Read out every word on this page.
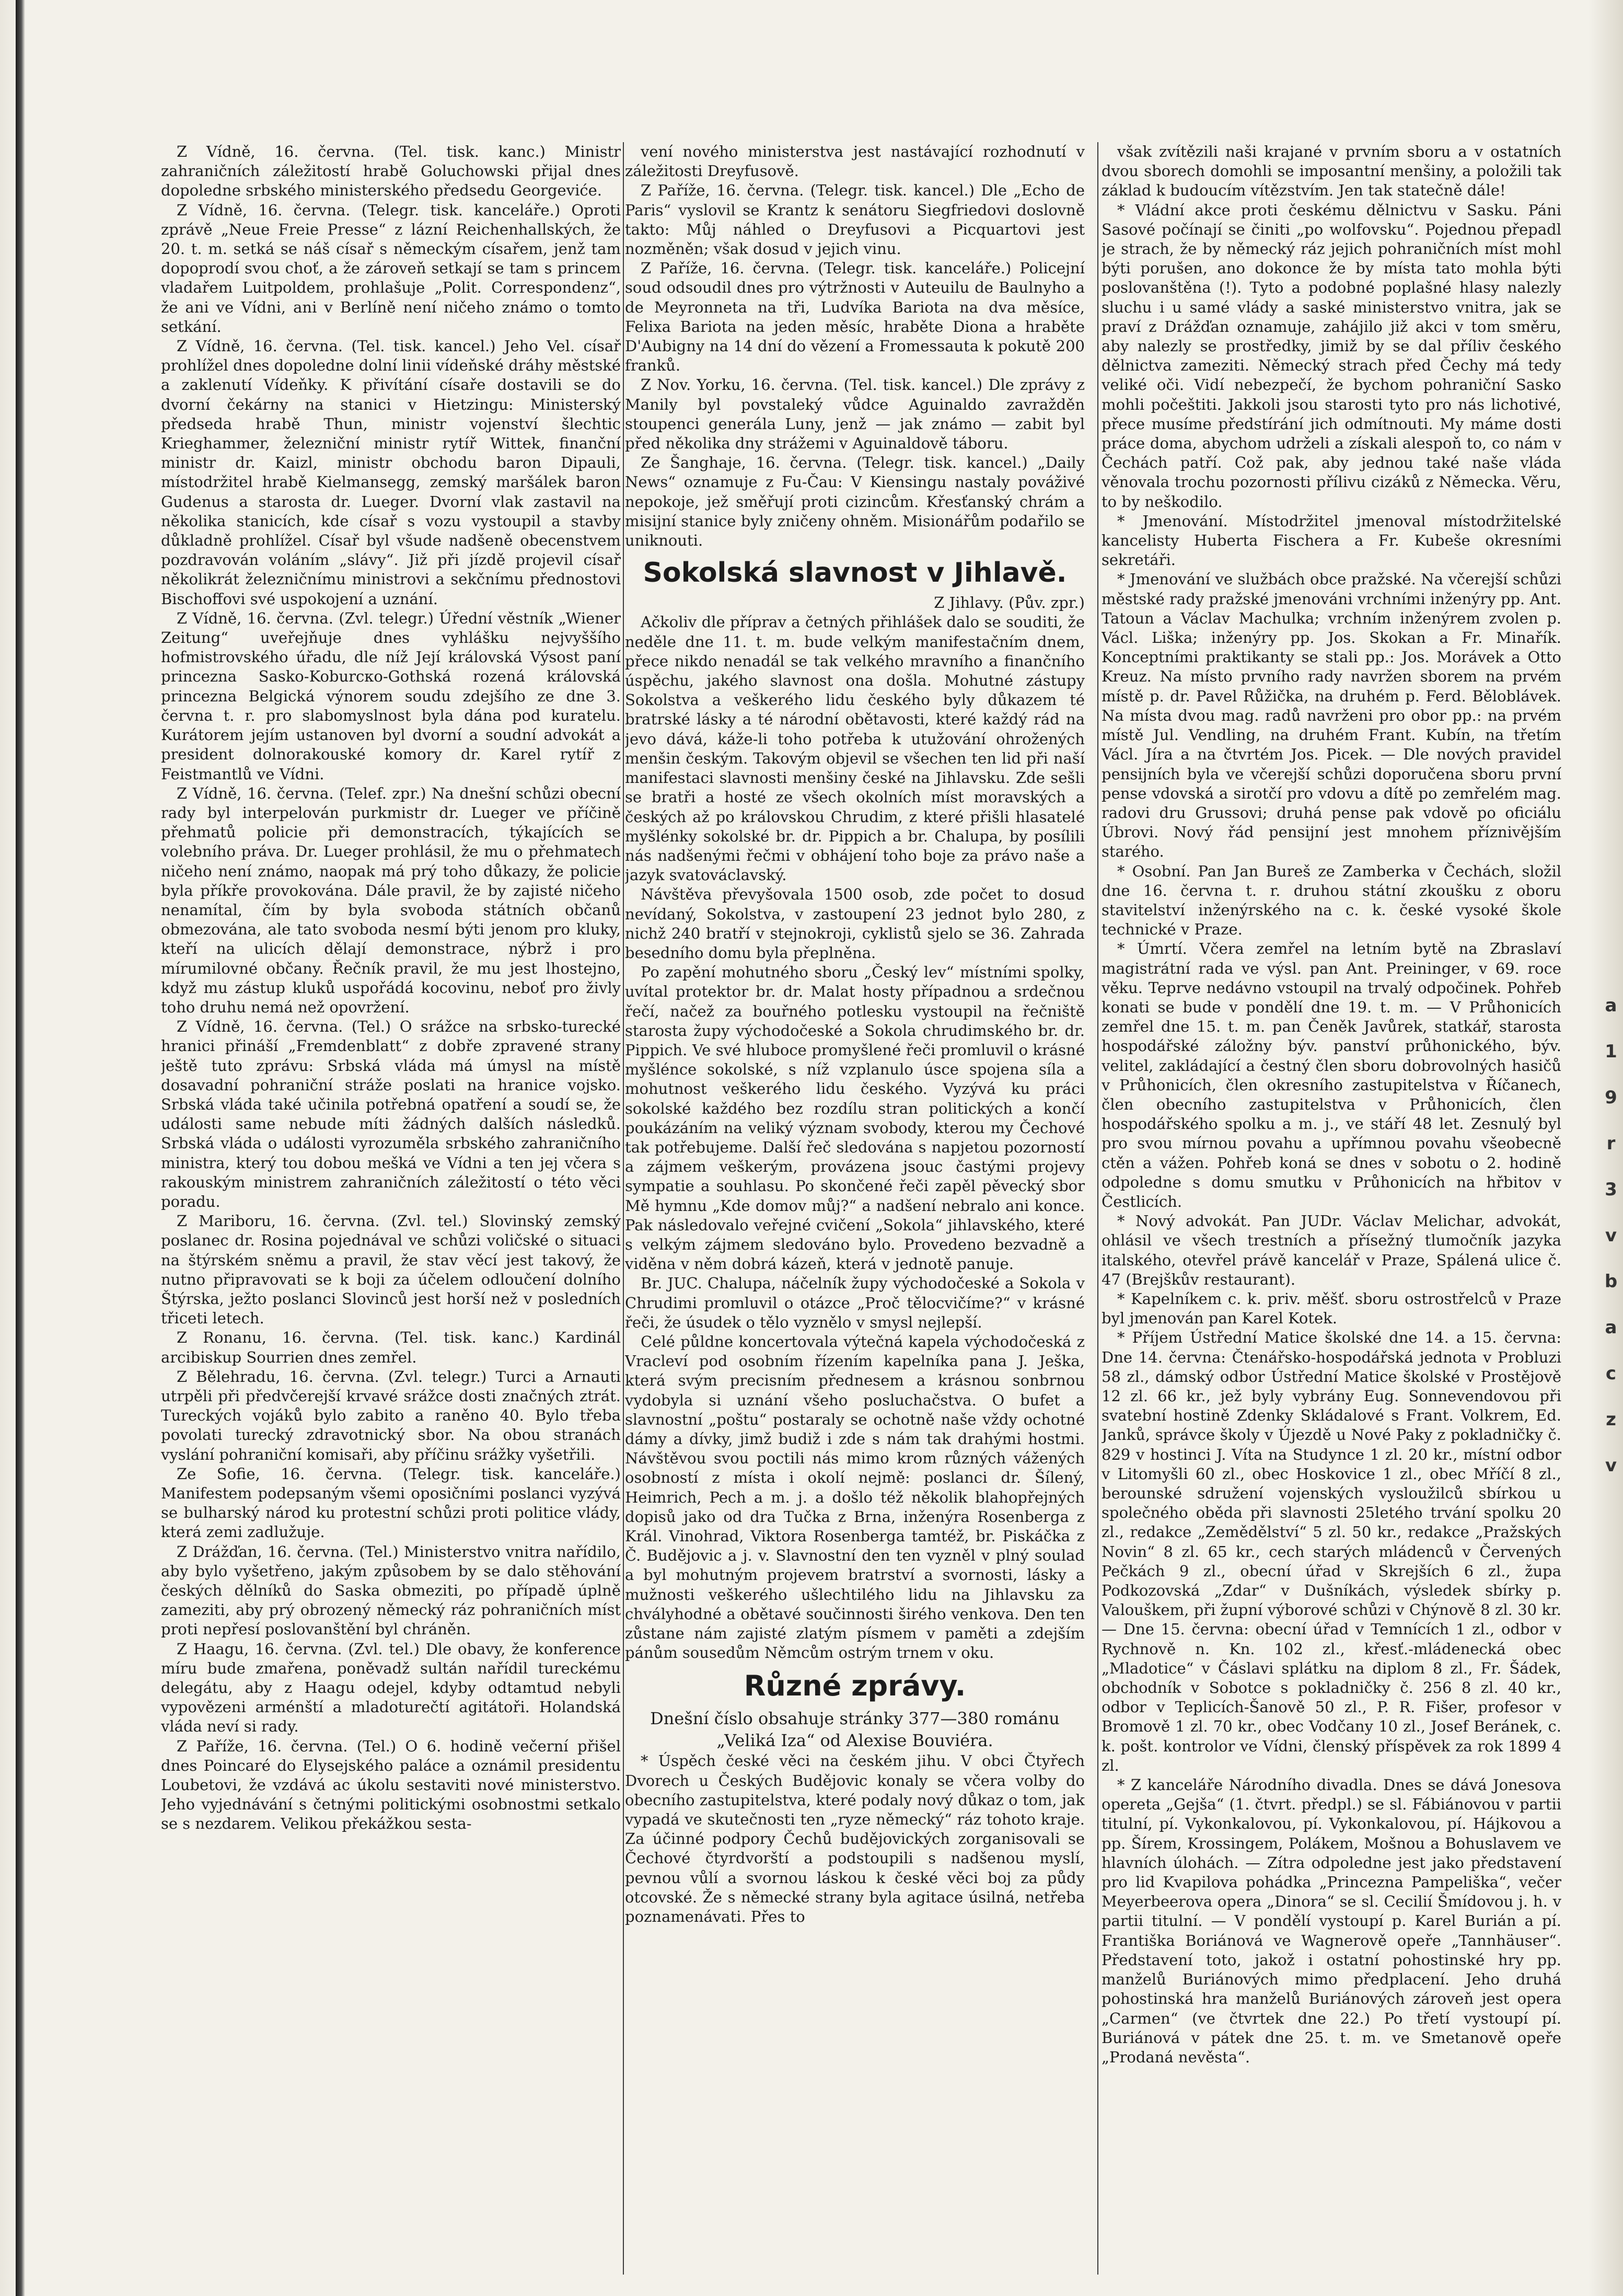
Z Vídně, 16. června. (Tel. tisk. kanc.) Ministr zahraničních záležitostí hrabě Goluchowski přijal dnes dopoledne srbského ministerského předsedu Georgeviće.

Z Vídně, 16. června. (Telegr. tisk. kanceláře.) Oproti zprávě „Neue Freie Presse“ z lázní Reichenhallských, že 20. t. m. setká se náš císař s německým císařem, jenž tam dopoprodí svou choť, a že zároveň setkají se tam s princem vladařem Luitpoldem, prohlašuje „Polit. Correspondenz“, že ani ve Vídni, ani v Berlíně není ničeho známo o tomto setkání.

Z Vídně, 16. června. (Tel. tisk. kancel.) Jeho Vel. císař prohlížel dnes dopoledne dolní linii vídeňské dráhy městské a zaklenutí Vídeňky. K přivítání císaře dostavili se do dvorní čekárny na stanici v Hietzingu: Ministerský předseda hrabě Thun, ministr vojenství šlechtic Krieghammer, železniční ministr rytíř Wittek, finanční ministr dr. Kaizl, ministr obchodu baron Dipauli, místodržitel hrabě Kielmansegg, zemský maršálek baron Gudenus a starosta dr. Lueger. Dvorní vlak zastavil na několika stanicích, kde císař s vozu vystoupil a stavby důkladně prohlížel. Císař byl všude nadšeně obecenstvem pozdravován voláním „slávy“. Již při jízdě projevil císař několikrát železničnímu ministrovi a sekčnímu přednostovi Bischoffovi své uspokojení a uznání.

Z Vídně, 16. června. (Zvl. telegr.) Úřední věstník „Wiener Zeitung“ uveřejňuje dnes vyhlášku nejvyššího hofmistrovského úřadu, dle níž Její královská Výsost paní princezna Sasko-Koburско-Gothská rozená královská princezna Belgická výnorem soudu zdejšího ze dne 3. června t. r. pro slabomyslnost byla dána pod kuratelu. Kurátorem jejím ustanoven byl dvorní a soudní advokát a president dolnorakouské komory dr. Karel rytíř z Feistmantlů ve Vídni.

Z Vídně, 16. června. (Telef. zpr.) Na dnešní schůzi obecní rady byl interpelován purkmistr dr. Lueger ve příčině přehmatů policie při demonstracích, týkajících se volebního práva. Dr. Lueger prohlásil, že mu o přehmatech ničeho není známo, naopak má prý toho důkazy, že policie byla příkře provokována. Dále pravil, že by zajisté ničeho nenamítal, čím by byla svoboda státních občanů obmezována, ale tato svoboda nesmí býti jenom pro kluky, kteří na ulicích dělají demonstrace, nýbrž i pro mírumilovné občany. Řečník pravil, že mu jest lhostejno, když mu zástup kluků uspořádá kocovinu, neboť pro živly toho druhu nemá než opovržení.

Z Vídně, 16. června. (Tel.) O srážce na srbsko-turecké hranici přináší „Fremdenblatt“ z dobře zpravené strany ještě tuto zprávu: Srbská vláda má úmysl na místě dosavadní pohraniční stráže poslati na hranice vojsko. Srbská vláda také učinila potřebná opatření a soudí se, že události same nebude míti žádných dalších následků. Srbská vláda o události vyrozuměla srbského zahraničního ministra, který tou dobou mešká ve Vídni a ten jej včera s rakouským ministrem zahraničních záležitostí o této věci poradu.

Z Mariboru, 16. června. (Zvl. tel.) Slovinský zemský poslanec dr. Rosina pojednával ve schůzi voličské o situaci na štýrském sněmu a pravil, že stav věcí jest takový, že nutno připravovati se k boji za účelem odloučení dolního Štýrska, ježto poslanci Slovinců jest horší než v posledních třiceti letech.

Z Ronanu, 16. června. (Tel. tisk. kanc.) Kardinál arcibiskup Sourrien dnes zemřel.

Z Bělehradu, 16. června. (Zvl. telegr.) Turci a Arnauti utrpěli při předvčerejší krvavé srážce dosti značných ztrát. Tureckých vojáků bylo zabito a raněno 40. Bylo třeba povolati turecký zdravotnický sbor. Na obou stranách vyslání pohraniční komisaři, aby příčinu srážky vyšetřili.

Ze Sofie, 16. června. (Telegr. tisk. kanceláře.) Manifestem podepsaným všemi oposičními poslanci vyzývá se bulharský národ ku protestní schůzi proti politice vlády, která zemi zadlužuje.

Z Drážďan, 16. června. (Tel.) Ministerstvo vnitra nařídilo, aby bylo vyšetřeno, jakým způsobem by se dalo stěhování českých dělníků do Saska obmeziti, po případě úplně zameziti, aby prý obrozený německý ráz pohraničních míst proti nepřesí poslovanštění byl chráněn.

Z Haagu, 16. června. (Zvl. tel.) Dle obavy, že konference míru bude zmařena, poněvadž sultán nařídil tureckému delegátu, aby z Haagu odejel, kdyby odtamtud nebyli vypovězeni arménští a mladoturečtí agitátoři. Holandská vláda neví si rady.

Z Paříže, 16. června. (Tel.) O 6. hodině večerní přišel dnes Poincaré do Elysejského paláce a oznámil presidentu Loubetovi, že vzdává ac úkolu sestaviti nové ministerstvo. Jeho vyjednávání s četnými politickými osobnostmi setkalo se s nezdarem. Velikou překážkou sesta-

vení nového ministerstva jest nastávající rozhodnutí v záležitosti Dreyfusově.

Z Paříže, 16. června. (Telegr. tisk. kancel.) Dle „Echo de Paris“ vyslovil se Krantz k senátoru Siegfriedovi doslovně takto: Můj náhled o Dreyfusovi a Picquartovi jest nozměněn; však dosud v jejich vinu.

Z Paříže, 16. června. (Telegr. tisk. kanceláře.) Policejní soud odsoudil dnes pro výtržnosti v Auteuilu de Baulnyho a de Meyronneta na tři, Ludvíka Bariota na dva měsíce, Felixa Bariota na jeden měsíc, hraběte Diona a hraběte D'Aubigny na 14 dní do vězení a Fromessauta k pokutě 200 franků.

Z Nov. Yorku, 16. června. (Tel. tisk. kancel.) Dle zprávy z Manily byl povstaleký vůdce Aguinaldo zavražděn stoupenci generála Luny, jenž — jak známo — zabit byl před několika dny strážemi v Aguinaldově táboru.

Ze Šanghaje, 16. června. (Telegr. tisk. kancel.) „Daily News“ oznamuje z Fu-Čau: V Kiensingu nastaly pováživé nepokoje, jež směřují proti cizincům. Křesťanský chrám a misijní stanice byly zničeny ohněm. Misionářům podařilo se uniknouti.

Sokolská slavnost v Jihlavě.

Z Jihlavy. (Pův. zpr.)

Ačkoliv dle příprav a četných přihlášek dalo se souditi, že neděle dne 11. t. m. bude velkým manifestačním dnem, přece nikdo nenadál se tak velkého mravního a finančního úspěchu, jakého slavnost ona došla. Mohutné zástupy Sokolstva a veškerého lidu českého byly důkazem té bratrské lásky a té národní obětavosti, které každý rád na jevo dává, káže-li toho potřeba k utužování ohrožených menšin českým. Takovým objevil se všechen ten lid při naší manifestaci slavnosti menšiny české na Jihlavsku. Zde sešli se bratři a hosté ze všech okolních míst moravských a českých až po královskou Chrudim, z které přišli hlasatelé myšlénky sokolské br. dr. Pippich a br. Chalupa, by posílili nás nadšenými řečmi v obhájení toho boje za právo naše a jazyk svatováclavský.

Návštěva převyšovala 1500 osob, zde počet to dosud nevídaný, Sokolstva, v zastoupení 23 jednot bylo 280, z nichž 240 bratří v stejnokroji, cyklistů sjelo se 36. Zahrada besedního domu byla přeplněna.

Po zapění mohutného sboru „Český lev“ místními spolky, uvítal protektor br. dr. Malat hosty případnou a srdečnou řečí, načež za bouřného potlesku vystoupil na řečniště starosta župy východočeské a Sokola chrudimského br. dr. Pippich. Ve své hluboce promyšlené řeči promluvil o krásné myšlénce sokolské, s níž vzplanulo úsce spojena síla a mohutnost veškerého lidu českého. Vyzývá ku práci sokolské každého bez rozdílu stran politických a končí poukázáním na veliký význam svobody, kterou my Čechové tak potřebujeme. Další řeč sledována s napjetou pozorností a zájmem veškerým, provázena jsouc častými projevy sympatie a souhlasu. Po skončené řeči zapěl pěvecký sbor Mě hymnu „Kde domov můj?“ a nadšení nebralo ani konce. Pak následovalo veřejné cvičení „Sokola“ jihlavského, které s velkým zájmem sledováno bylo. Provedeno bezvadně a viděna v něm dobrá kázeň, která v jednotě panuje.

Br. JUC. Chalupa, náčelník župy východočeské a Sokola v Chrudimi promluvil o otázce „Proč tělocvičíme?“ v krásné řeči, že úsudek o tělo vyznělo v smysl nejlepší.

Celé půldne koncertovala výtečná kapela východočeská z Vracleví pod osobním řízením kapelníka pana J. Ješka, která svým precisním přednesem a krásnou sonbrnou vydobyla si uznání všeho posluchačstva. O bufet a slavnostní „poštu“ postaraly se ochotně naše vždy ochotné dámy a dívky, jimž budiž i zde s nám tak drahými hostmi. Návštěvou svou poctili nás mimo krom různých vážených osobností z místa i okolí nejmě: poslanci dr. Šílený, Heimrich, Pech a m. j. a došlo též několik blahopřejných dopisů jako od dra Tučka z Brna, inženýra Rosenberga z Král. Vinohrad, Viktora Rosenberga tamtéž, br. Piskáčka z Č. Budějovic a j. v. Slavnostní den ten vyzněl v plný soulad a byl mohutným projevem bratrství a svornosti, lásky a mužnosti veškerého ušlechtilého lidu na Jihlavsku za chvályhodné a obětavé součinnosti širého venkova. Den ten zůstane nám zajisté zlatým písmem v paměti a zdejším pánům sousedům Němcům ostrým trnem v oku.

Různé zprávy.

Dnešní číslo obsahuje stránky 377—380 románu „Veliká Iza“ od Alexise Bouviéra.

* Úspěch české věci na českém jihu. V obci Čtyřech Dvorech u Českých Budějovic konaly se včera volby do obecního zastupitelstva, které podaly nový důkaz o tom, jak vypadá ve skutečnosti ten „ryze německý“ ráz tohoto kraje. Za účinné podpory Čechů budějovických zorganisovali se Čechové čtyrdvorští a podstoupili s nadšenou myslí, pevnou vůlí a svornou láskou k české věci boj za půdy otcovské. Že s německé strany byla agitace úsilná, netřeba poznamenávati. Přes to

však zvítězili naši krajané v prvním sboru a v ostatních dvou sborech domohli se imposantní menšiny, a položili tak základ k budoucím vítězstvím. Jen tak statečně dále!

* Vládní akce proti českému dělnictvu v Sasku. Páni Sasové počínají se činiti „po wolfovsku“. Pojednou přepadl je strach, že by německý ráz jejich pohraničních míst mohl býti porušen, ano dokonce že by místa tato mohla býti poslovanštěna (!). Tyto a podobné poplašné hlasy nalezly sluchu i u samé vlády a saské ministerstvo vnitra, jak se praví z Drážďan oznamuje, zahájilo již akci v tom směru, aby nalezly se prostředky, jimiž by se dal příliv českého dělnictva zameziti. Německý strach před Čechy má tedy veliké oči. Vidí nebezpečí, že bychom pohraniční Sasko mohli počeštiti. Jakkoli jsou starosti tyto pro nás lichotivé, přece musíme předstírání jich odmítnouti. My máme dosti práce doma, abychom udrželi a získali alespoň to, co nám v Čechách patří. Což pak, aby jednou také naše vláda věnovala trochu pozornosti přílivu cizáků z Německa. Věru, to by neškodilo.

* Jmenování. Místodržitel jmenoval místodržitelské kancelisty Huberta Fischera a Fr. Kubeše okresními sekretáři.

* Jmenování ve službách obce pražské. Na včerejší schůzi městské rady pražské jmenováni vrchními inženýry pp. Ant. Tatoun a Václav Machulka; vrchním inženýrem zvolen p. Václ. Liška; inženýry pp. Jos. Skokan a Fr. Minařík. Konceptními praktikanty se stali pp.: Jos. Morávek a Otto Kreuz. Na místo prvního rady navržen sborem na prvém místě p. dr. Pavel Růžička, na druhém p. Ferd. Běloblávek. Na místa dvou mag. radů navrženi pro obor pp.: na prvém místě Jul. Vendling, na druhém Frant. Kubín, na třetím Václ. Jíra a na čtvrtém Jos. Picek. — Dle nových pravidel pensijních byla ve včerejší schůzi doporučena sboru první pense vdovská a sirotčí pro vdovu a dítě po zemřelém mag. radovi dru Grussovi; druhá pense pak vdově po oficiálu Úbrovi. Nový řád pensijní jest mnohem příznivějším starého.

* Osobní. Pan Jan Bureš ze Zamberka v Čechách, složil dne 16. června t. r. druhou státní zkoušku z oboru stavitelství inženýrského na c. k. české vysoké škole technické v Praze.

* Úmrtí. Včera zemřel na letním bytě na Zbraslaví magistrátní rada ve výsl. pan Ant. Preininger, v 69. roce věku. Teprve nedávno vstoupil na trvalý odpočinek. Pohřeb konati se bude v pondělí dne 19. t. m. — V Průhonicích zemřel dne 15. t. m. pan Čeněk Javůrek, statkář, starosta hospodářské záložny býv. panství průhonického, býv. velitel, zakládající a čestný člen sboru dobrovolných hasičů v Průhonicích, člen okresního zastupitelstva v Říčanech, člen obecního zastupitelstva v Průhonicích, člen hospodářského spolku a m. j., ve stáří 48 let. Zesnulý byl pro svou mírnou povahu a upřímnou povahu všeobecně ctěn a vážen. Pohřeb koná se dnes v sobotu o 2. hodině odpoledne s domu smutku v Průhonicích na hřbitov v Čestlicích.

* Nový advokát. Pan JUDr. Václav Melichar, advokát, ohlásil ve všech trestních a přísežný tlumočník jazyka italského, otevřel právě kancelář v Praze, Spálená ulice č. 47 (Brejškův restaurant).

* Kapelníkem c. k. priv. měšť. sboru ostrostřelců v Praze byl jmenován pan Karel Kotek.

* Příjem Ústřední Matice školské dne 14. a 15. června: Dne 14. června: Čtenářsko-hospodářská jednota v Probluzi 58 zl., dámský odbor Ústřední Matice školské v Prostějově 12 zl. 66 kr., jež byly vybrány Eug. Sonnevendovou při svatební hostině Zdenky Skládalové s Frant. Volkrem, Ed. Janků, správce školy v Újezdě u Nové Paky z pokladničky č. 829 v hostinci J. Víta na Studynce 1 zl. 20 kr., místní odbor v Litomyšli 60 zl., obec Hoskovice 1 zl., obec Mříčí 8 zl., berounské sdružení vojenských vysloužilců sbírkou u společného oběda při slavnosti 25letého trvání spolku 20 zl., redakce „Zemědělství“ 5 zl. 50 kr., redakce „Pražských Novin“ 8 zl. 65 kr., cech starých mládenců v Červených Pečkách 9 zl., obecní úřad v Skrejších 6 zl., župa Podkozovská „Zdar“ v Dušníkách, výsledek sbírky p. Valouškem, při župní výborové schůzi v Chýnově 8 zl. 30 kr. — Dne 15. června: obecní úřad v Temnících 1 zl., odbor v Rychnově n. Kn. 102 zl., křesť.-mládenecká obec „Mladotice“ v Čáslavi splátku na diplom 8 zl., Fr. Šádek, obchodník v Sobotce s pokladničky č. 256 8 zl. 40 kr., odbor v Teplicích-Šanově 50 zl., P. R. Fišer, profesor v Bromově 1 zl. 70 kr., obec Vodčany 10 zl., Josef Beránek, c. k. pošt. kontrolor ve Vídni, členský příspěvek za rok 1899 4 zl.

* Z kanceláře Národního divadla. Dnes se dává Jonesova opereta „Gejša“ (1. čtvrt. předpl.) se sl. Fábiánovou v partii titulní, pí. Vykonkalovou, pí. Vykonkalovou, pí. Hájkovou a pp. Šírem, Krossingem, Polákem, Mošnou a Bohuslavem ve hlavních úlohách. — Zítra odpoledne jest jako představení pro lid Kvapilova pohádka „Princezna Pampeliška“, večer Meyerbeerova opera „Dinora“ se sl. Cecilií Šmídovou j. h. v partii titulní. — V pondělí vystoupí p. Karel Burián a pí. Františka Boriánová ve Wagnerově opeře „Tannhäuser“. Představení toto, jakož i ostatní pohostinské hry pp. manželů Buriánových mimo předplacení. Jeho druhá pohostinská hra manželů Buriánových zároveň jest opera „Carmen“ (ve čtvrtek dne 22.) Po třetí vystoupí pí. Buriánová v pátek dne 25. t. m. ve Smetanově opeře „Prodaná nevěsta“.

a
1
9
r
3
v
b
a
c
z
v
